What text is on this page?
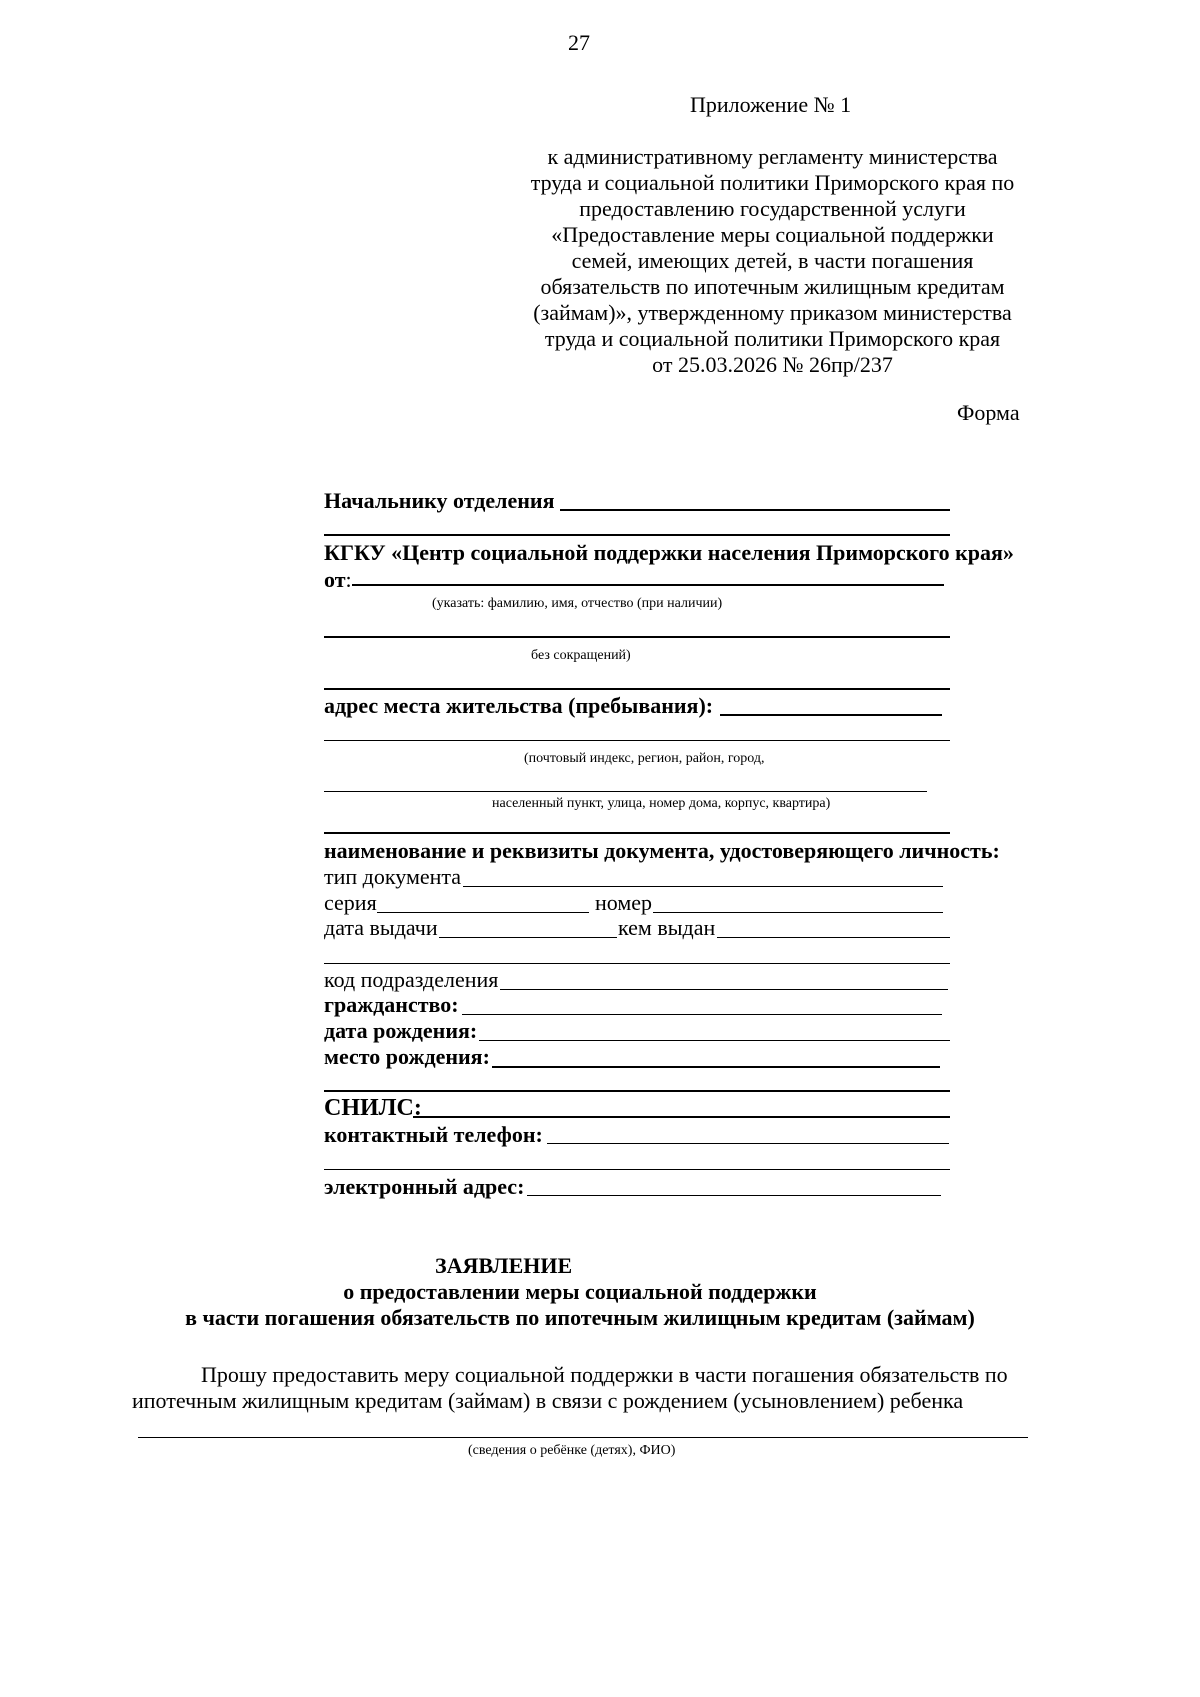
27
Приложение № 1
к административному регламенту министерства
труда и социальной политики Приморского края по
предоставлению государственной услуги
«Предоставление меры социальной поддержки
семей, имеющих детей, в части погашения
обязательств по ипотечным жилищным кредитам
(займам)», утвержденному приказом министерства
труда и социальной политики Приморского края
от 25.03.2026 № 26пр/237
Форма
Начальнику отделения
КГКУ «Центр социальной поддержки населения Приморского края»
от:
(указать: фамилию, имя, отчество (при наличии)
без сокращений)
адрес места жительства (пребывания):
(почтовый индекс, регион, район, город,
населенный пункт, улица, номер дома, корпус, квартира)
наименование и реквизиты документа, удостоверяющего личность:
тип документа
серия	номер
дата выдачи	кем выдан
код подразделения
гражданство:
дата рождения:
место рождения:
СНИЛС:
контактный телефон:
электронный адрес:
ЗАЯВЛЕНИЕ
о предоставлении меры социальной поддержки
в части погашения обязательств по ипотечным жилищным кредитам (займам)
Прошу предоставить меру социальной поддержки в части погашения обязательств по
ипотечным жилищным кредитам (займам) в связи с рождением (усыновлением) ребенка
(сведения о ребёнке (детях), ФИО)
